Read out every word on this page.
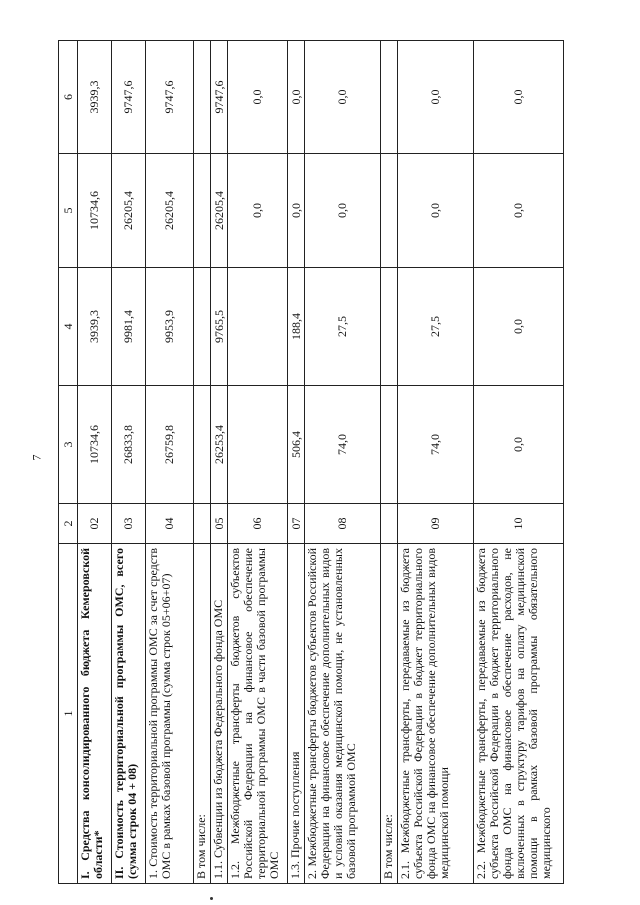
7
1	2	3	4	5	6
I. Средства консолидированного бюджета Кемеровской области*	02	10734,6	3939,3	10734,6	3939,3
II. Стоимость территориальной программы ОМС, всего (сумма строк 04 + 08)	03	26833,8	9981,4	26205,4	9747,6
1. Стоимость территориальной программы ОМС за счет средств ОМС в рамках базовой программы (сумма строк 05+06+07)	04	26759,8	9953,9	26205,4	9747,6
В том числе:					
1.1. Субвенции из бюджета Федерального фонда ОМС	05	26253,4	9765,5	26205,4	9747,6
1.2. Межбюджетные трансферты бюджетов субъектов Российской Федерации на финансовое обеспечение территориальной программы ОМС в части базовой программы ОМС	06			0,0	0,0
1.3. Прочие поступления	07	506,4	188,4	0,0	0,0
2. Межбюджетные трансферты бюджетов субъектов Российской Федерации на финансовое обеспечение дополнительных видов и условий оказания медицинской помощи, не установленных базовой программой ОМС	08	74,0	27,5	0,0	0,0
В том числе:					
2.1. Межбюджетные трансферты, передаваемые из бюджета субъекта Российской Федерации в бюджет территориального фонда ОМС на финансовое обеспечение дополнительных видов медицинской помощи	09	74,0	27,5	0,0	0,0
2.2. Межбюджетные трансферты, передаваемые из бюджета субъекта Российской Федерации в бюджет территориального фонда ОМС на финансовое обеспечение расходов, не включенных в структуру тарифов на оплату медицинской помощи в рамках базовой программы обязательного медицинского	10	0,0	0,0	0,0	0,0
